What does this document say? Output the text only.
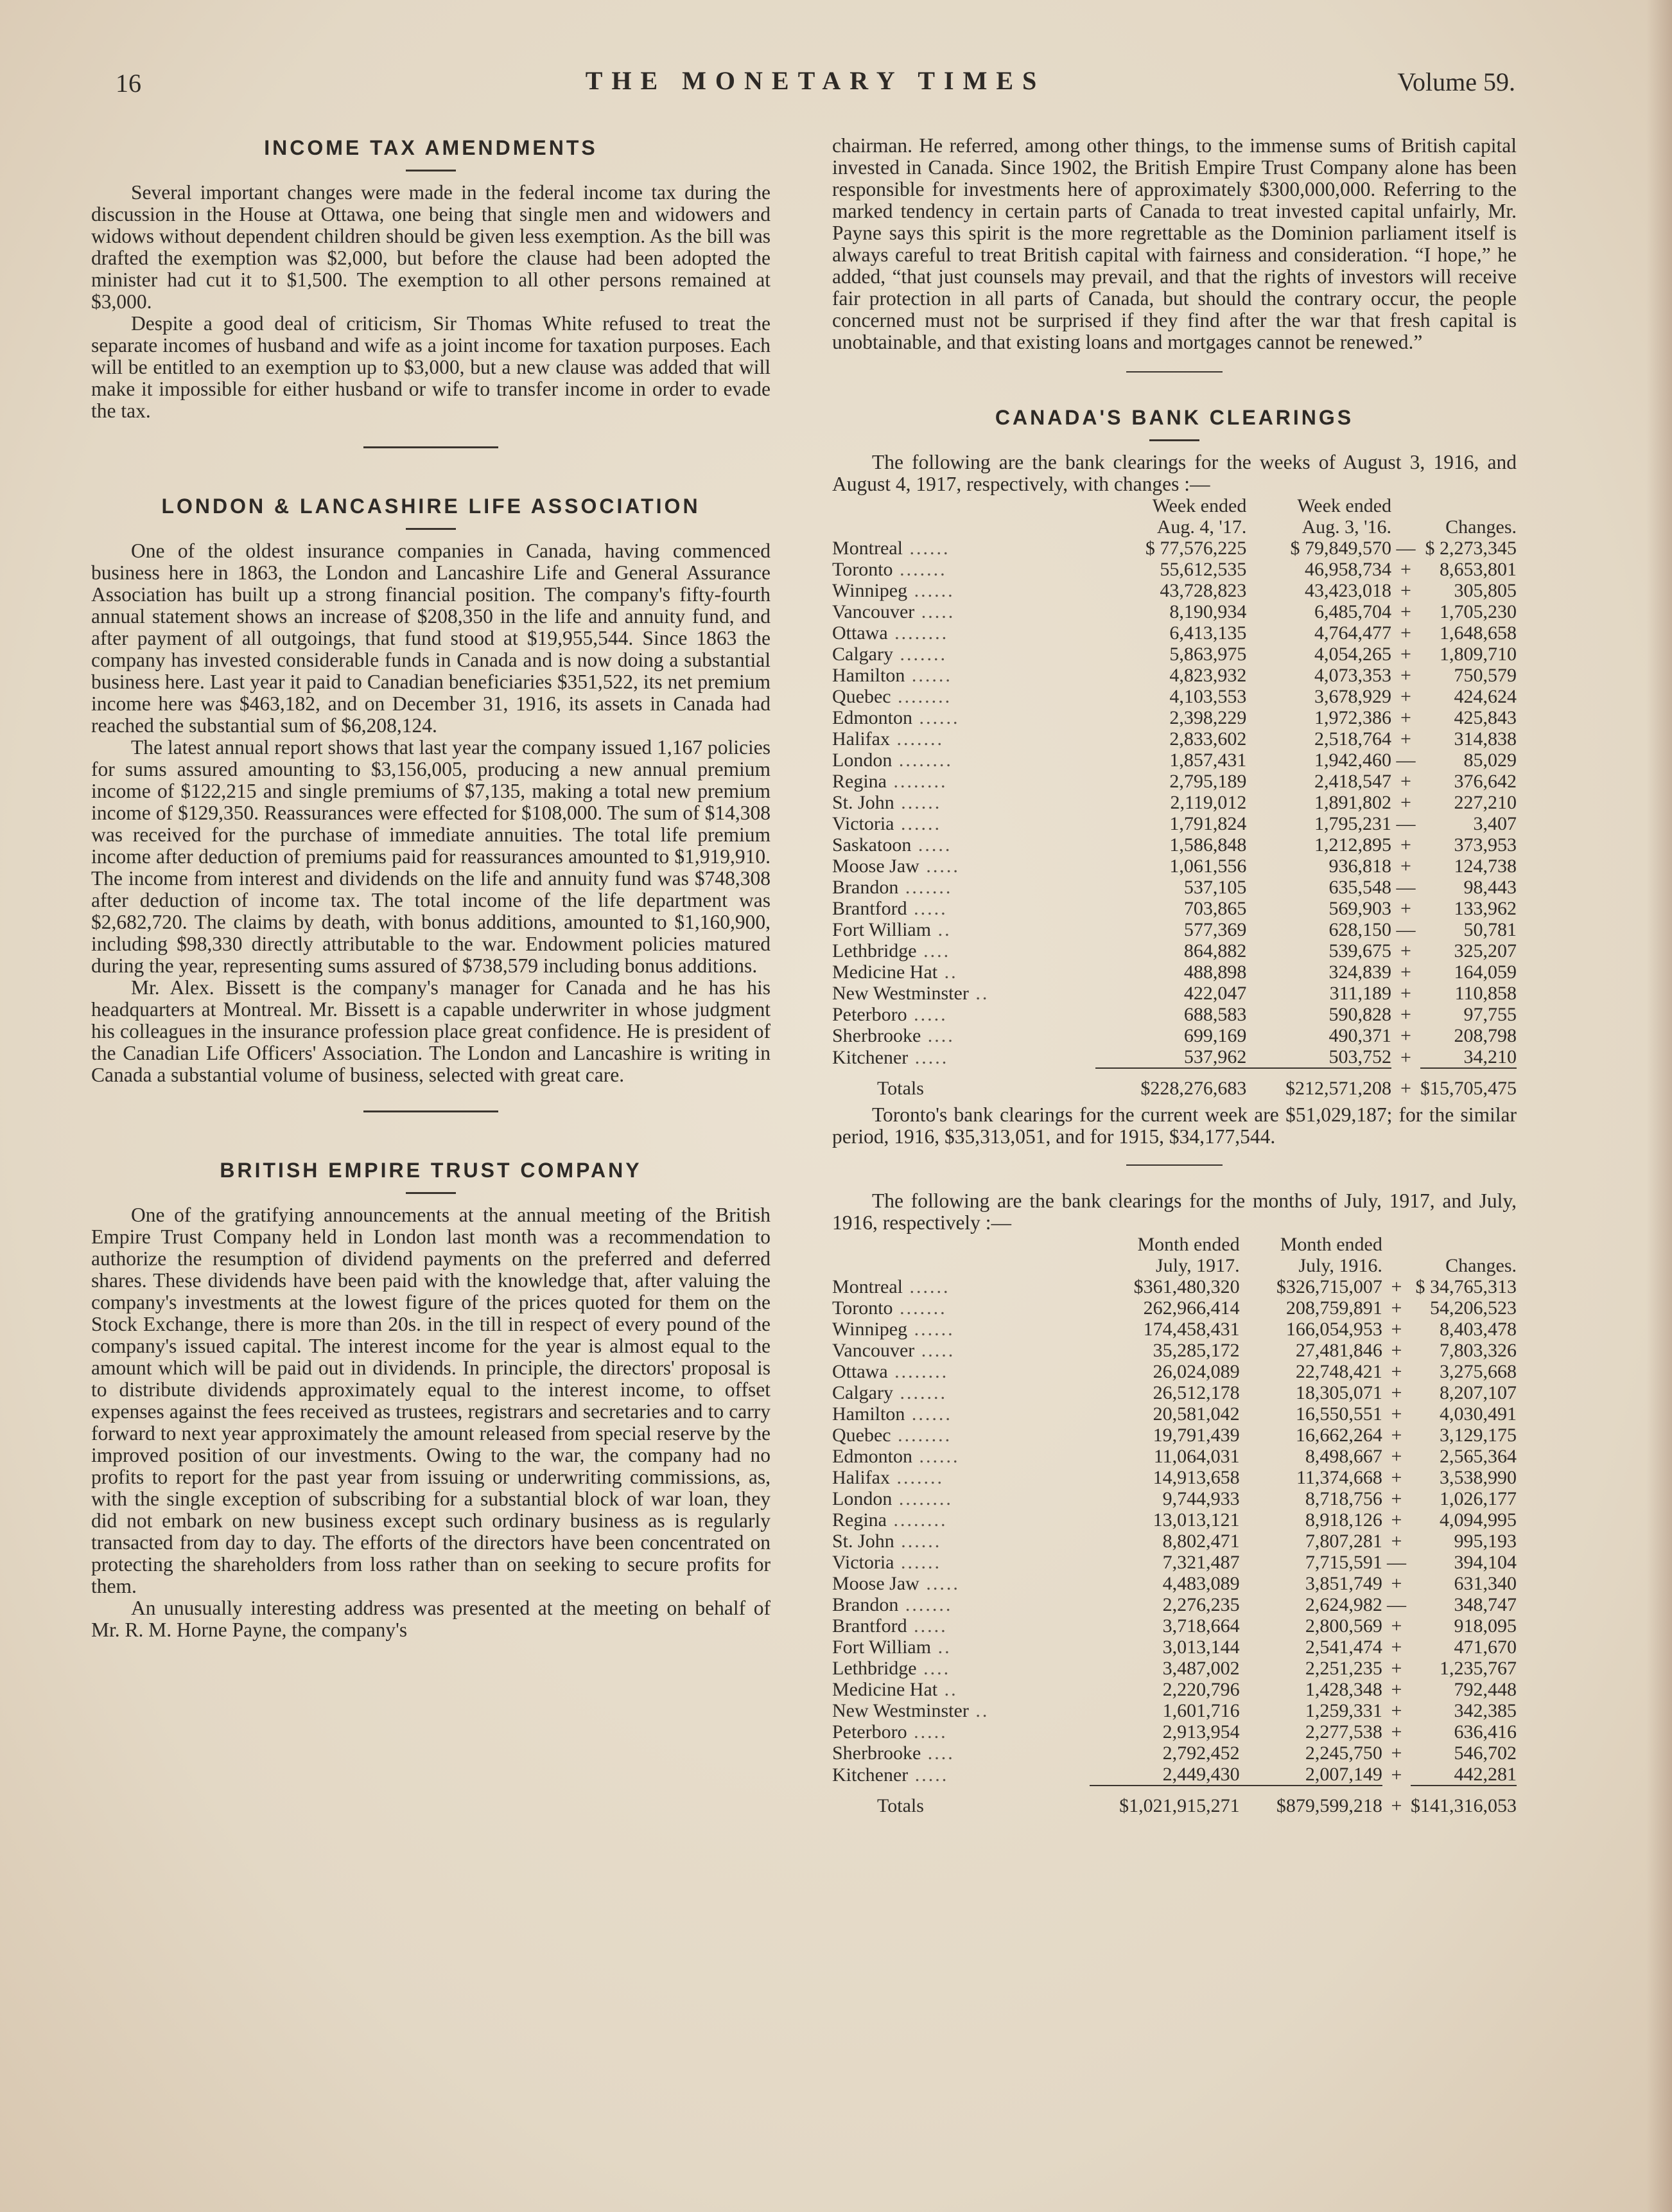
16	THE MONETARY TIMES	Volume 59.
INCOME TAX AMENDMENTS

Several important changes were made in the federal income tax during the discussion in the House at Ottawa, one being that single men and widowers and widows without dependent children should be given less exemption. As the bill was drafted the exemption was $2,000, but before the clause had been adopted the minister had cut it to $1,500. The exemption to all other persons remained at $3,000.

Despite a good deal of criticism, Sir Thomas White refused to treat the separate incomes of husband and wife as a joint income for taxation purposes. Each will be entitled to an exemption up to $3,000, but a new clause was added that will make it impossible for either husband or wife to transfer income in order to evade the tax.

LONDON & LANCASHIRE LIFE ASSOCIATION

One of the oldest insurance companies in Canada, having commenced business here in 1863, the London and Lancashire Life and General Assurance Association has built up a strong financial position. The company's fifty-fourth annual statement shows an increase of $208,350 in the life and annuity fund, and after payment of all outgoings, that fund stood at $19,955,544. Since 1863 the company has invested considerable funds in Canada and is now doing a substantial business here. Last year it paid to Canadian beneficiaries $351,522, its net premium income here was $463,182, and on December 31, 1916, its assets in Canada had reached the substantial sum of $6,208,124.

The latest annual report shows that last year the company issued 1,167 policies for sums assured amounting to $3,156,005, producing a new annual premium income of $122,215 and single premiums of $7,135, making a total new premium income of $129,350. Reassurances were effected for $108,000. The sum of $14,308 was received for the purchase of immediate annuities. The total life premium income after deduction of premiums paid for reassurances amounted to $1,919,910. The income from interest and dividends on the life and annuity fund was $748,308 after deduction of income tax. The total income of the life department was $2,682,720. The claims by death, with bonus additions, amounted to $1,160,900, including $98,330 directly attributable to the war. Endowment policies matured during the year, representing sums assured of $738,579 including bonus additions.

Mr. Alex. Bissett is the company's manager for Canada and he has his headquarters at Montreal. Mr. Bissett is a capable underwriter in whose judgment his colleagues in the insurance profession place great confidence. He is president of the Canadian Life Officers' Association. The London and Lancashire is writing in Canada a substantial volume of business, selected with great care.

BRITISH EMPIRE TRUST COMPANY

One of the gratifying announcements at the annual meeting of the British Empire Trust Company held in London last month was a recommendation to authorize the resumption of dividend payments on the preferred and deferred shares. These dividends have been paid with the knowledge that, after valuing the company's investments at the lowest figure of the prices quoted for them on the Stock Exchange, there is more than 20s. in the till in respect of every pound of the company's issued capital. The interest income for the year is almost equal to the amount which will be paid out in dividends. In principle, the directors' proposal is to distribute dividends approximately equal to the interest income, to offset expenses against the fees received as trustees, registrars and secretaries and to carry forward to next year approximately the amount released from special reserve by the improved position of our investments. Owing to the war, the company had no profits to report for the past year from issuing or underwriting commissions, as, with the single exception of subscribing for a substantial block of war loan, they did not embark on new business except such ordinary business as is regularly transacted from day to day. The efforts of the directors have been concentrated on protecting the shareholders from loss rather than on seeking to secure profits for them.

An unusually interesting address was presented at the meeting on behalf of Mr. R. M. Horne Payne, the company's

chairman. He referred, among other things, to the immense sums of British capital invested in Canada. Since 1902, the British Empire Trust Company alone has been responsible for investments here of approximately $300,000,000. Referring to the marked tendency in certain parts of Canada to treat invested capital unfairly, Mr. Payne says this spirit is the more regrettable as the Dominion parliament itself is always careful to treat British capital with fairness and consideration. “I hope,” he added, “that just counsels may prevail, and that the rights of investors will receive fair protection in all parts of Canada, but should the contrary occur, the people concerned must not be surprised if they find after the war that fresh capital is unobtainable, and that existing loans and mortgages cannot be renewed.”

CANADA'S BANK CLEARINGS

The following are the bank clearings for the weeks of August 3, 1916, and August 4, 1917, respectively, with changes :—

	Week ended	Week ended		
	Aug. 4, '17.	Aug. 3, '16.		Changes.
Montreal ......	$ 77,576,225	$ 79,849,570	—	$ 2,273,345
Toronto .......	55,612,535	46,958,734	+	8,653,801
Winnipeg ......	43,728,823	43,423,018	+	305,805
Vancouver .....	8,190,934	6,485,704	+	1,705,230
Ottawa ........	6,413,135	4,764,477	+	1,648,658
Calgary .......	5,863,975	4,054,265	+	1,809,710
Hamilton ......	4,823,932	4,073,353	+	750,579
Quebec ........	4,103,553	3,678,929	+	424,624
Edmonton ......	2,398,229	1,972,386	+	425,843
Halifax .......	2,833,602	2,518,764	+	314,838
London ........	1,857,431	1,942,460	—	85,029
Regina ........	2,795,189	2,418,547	+	376,642
St. John ......	2,119,012	1,891,802	+	227,210
Victoria ......	1,791,824	1,795,231	—	3,407
Saskatoon .....	1,586,848	1,212,895	+	373,953
Moose Jaw .....	1,061,556	936,818	+	124,738
Brandon .......	537,105	635,548	—	98,443
Brantford .....	703,865	569,903	+	133,962
Fort William ..	577,369	628,150	—	50,781
Lethbridge ....	864,882	539,675	+	325,207
Medicine Hat ..	488,898	324,839	+	164,059
New Westminster ..	422,047	311,189	+	110,858
Peterboro .....	688,583	590,828	+	97,755
Sherbrooke ....	699,169	490,371	+	208,798
Kitchener .....	537,962	503,752	+	34,210
Totals	$228,276,683	$212,571,208	+	$15,705,475

Toronto's bank clearings for the current week are $51,029,187; for the similar period, 1916, $35,313,051, and for 1915, $34,177,544.

The following are the bank clearings for the months of July, 1917, and July, 1916, respectively :—

	Month ended	Month ended		
	July, 1917.	July, 1916.		Changes.
Montreal ......	$361,480,320	$326,715,007	+	$ 34,765,313
Toronto .......	262,966,414	208,759,891	+	54,206,523
Winnipeg ......	174,458,431	166,054,953	+	8,403,478
Vancouver .....	35,285,172	27,481,846	+	7,803,326
Ottawa ........	26,024,089	22,748,421	+	3,275,668
Calgary .......	26,512,178	18,305,071	+	8,207,107
Hamilton ......	20,581,042	16,550,551	+	4,030,491
Quebec ........	19,791,439	16,662,264	+	3,129,175
Edmonton ......	11,064,031	8,498,667	+	2,565,364
Halifax .......	14,913,658	11,374,668	+	3,538,990
London ........	9,744,933	8,718,756	+	1,026,177
Regina ........	13,013,121	8,918,126	+	4,094,995
St. John ......	8,802,471	7,807,281	+	995,193
Victoria ......	7,321,487	7,715,591	—	394,104
Moose Jaw .....	4,483,089	3,851,749	+	631,340
Brandon .......	2,276,235	2,624,982	—	348,747
Brantford .....	3,718,664	2,800,569	+	918,095
Fort William ..	3,013,144	2,541,474	+	471,670
Lethbridge ....	3,487,002	2,251,235	+	1,235,767
Medicine Hat ..	2,220,796	1,428,348	+	792,448
New Westminster ..	1,601,716	1,259,331	+	342,385
Peterboro .....	2,913,954	2,277,538	+	636,416
Sherbrooke ....	2,792,452	2,245,750	+	546,702
Kitchener .....	2,449,430	2,007,149	+	442,281
Totals	$1,021,915,271	$879,599,218	+	$141,316,053
